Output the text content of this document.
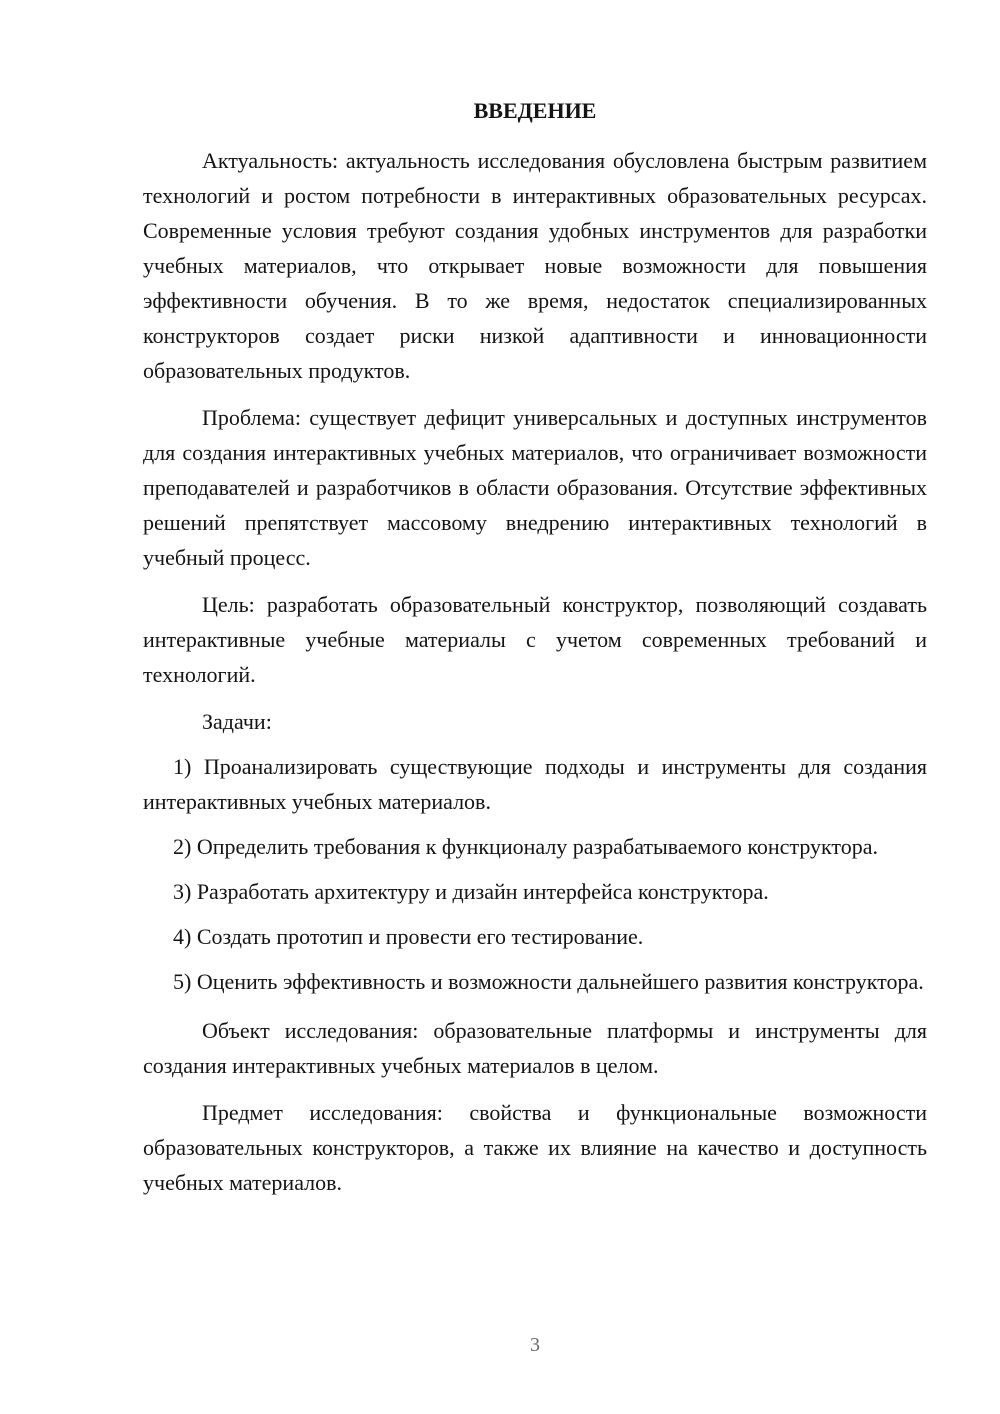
ВВЕДЕНИЕ

Актуальность: актуальность исследования обусловлена быстрым развитием технологий и ростом потребности в интерактивных образовательных ресурсах. Современные условия требуют создания удобных инструментов для разработки учебных материалов, что открывает новые возможности для повышения эффективности обучения. В то же время, недостаток специализированных конструкторов создает риски низкой адаптивности и инновационности образовательных продуктов.

Проблема: существует дефицит универсальных и доступных инструментов для создания интерактивных учебных материалов, что ограничивает возможности преподавателей и разработчиков в области образования. Отсутствие эффективных решений препятствует массовому внедрению интерактивных технологий в учебный процесс.

Цель: разработать образовательный конструктор, позволяющий создавать интерактивные учебные материалы с учетом современных требований и технологий.

Задачи:

1) Проанализировать существующие подходы и инструменты для создания интерактивных учебных материалов.

2) Определить требования к функционалу разрабатываемого конструктора.

3) Разработать архитектуру и дизайн интерфейса конструктора.

4) Создать прототип и провести его тестирование.

5) Оценить эффективность и возможности дальнейшего развития конструктора.

Объект исследования: образовательные платформы и инструменты для создания интерактивных учебных материалов в целом.

Предмет исследования: свойства и функциональные возможности образовательных конструкторов, а также их влияние на качество и доступность учебных материалов.

3
